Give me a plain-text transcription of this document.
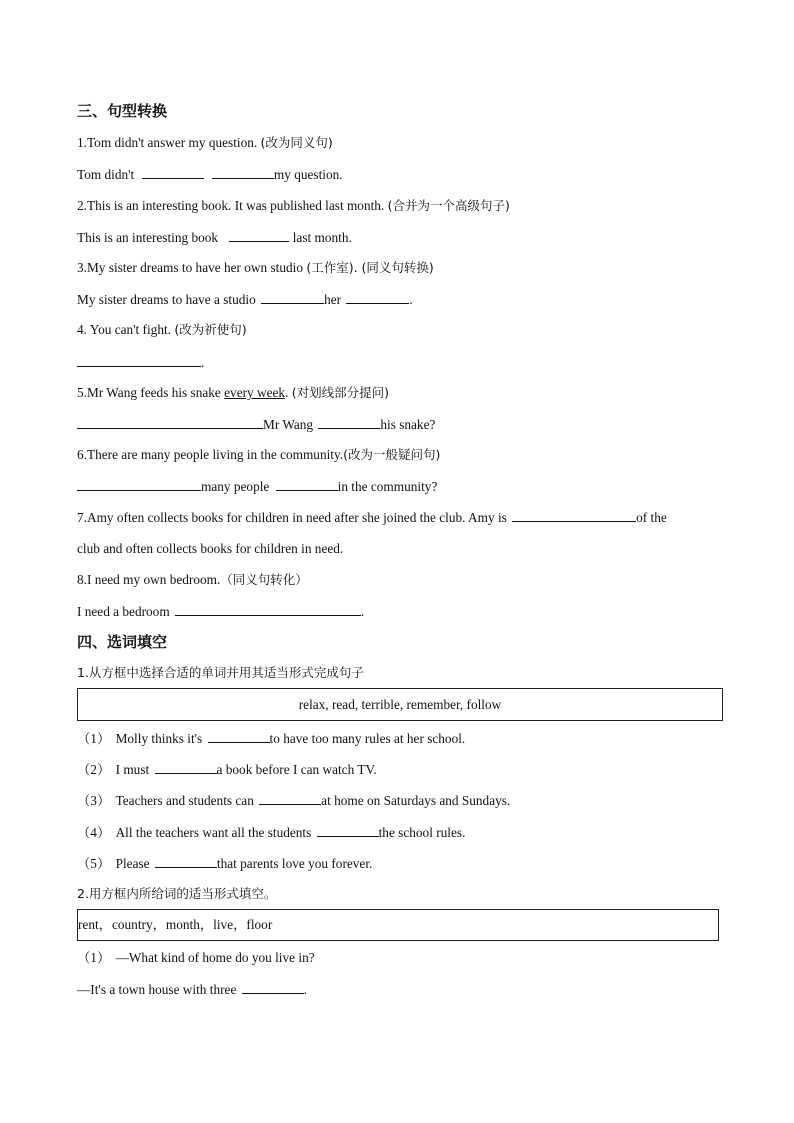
三、句型转换
1.Tom didn't answer my question. (改为同义句)
Tom didn't	my question.
2.This is an interesting book. It was published last month. (合并为一个高级句子)
This is an interesting book	last month.
3.My sister dreams to have her own studio (工作室). (同义句转换)
My sister dreams to have a studio	her	.
4. You can't fight. (改为祈使句)
.
5.Mr Wang feeds his snake every week. (对划线部分提问)
Mr Wang	his snake?
6.There are many people living in the community.(改为一般疑问句)
many people	in the community?
7.Amy often collects books for children in need after she joined the club. Amy is	of the
club and often collects books for children in need.
8.I need my own bedroom.（同义句转化）
I need a bedroom	.
四、选词填空
1.从方框中选择合适的单词并用其适当形式完成句子
relax, read, terrible, remember, follow
（1） Molly thinks it's	to have too many rules at her school.
（2） I must	a book before I can watch TV.
（3） Teachers and students can	at home on Saturdays and Sundays.
（4） All the teachers want all the students	the school rules.
（5） Please	that parents love you forever.
2.用方框内所给词的适当形式填空。
rent，country，month，live，floor
（1） —What kind of home do you live in?
—It's a town house with three	.
